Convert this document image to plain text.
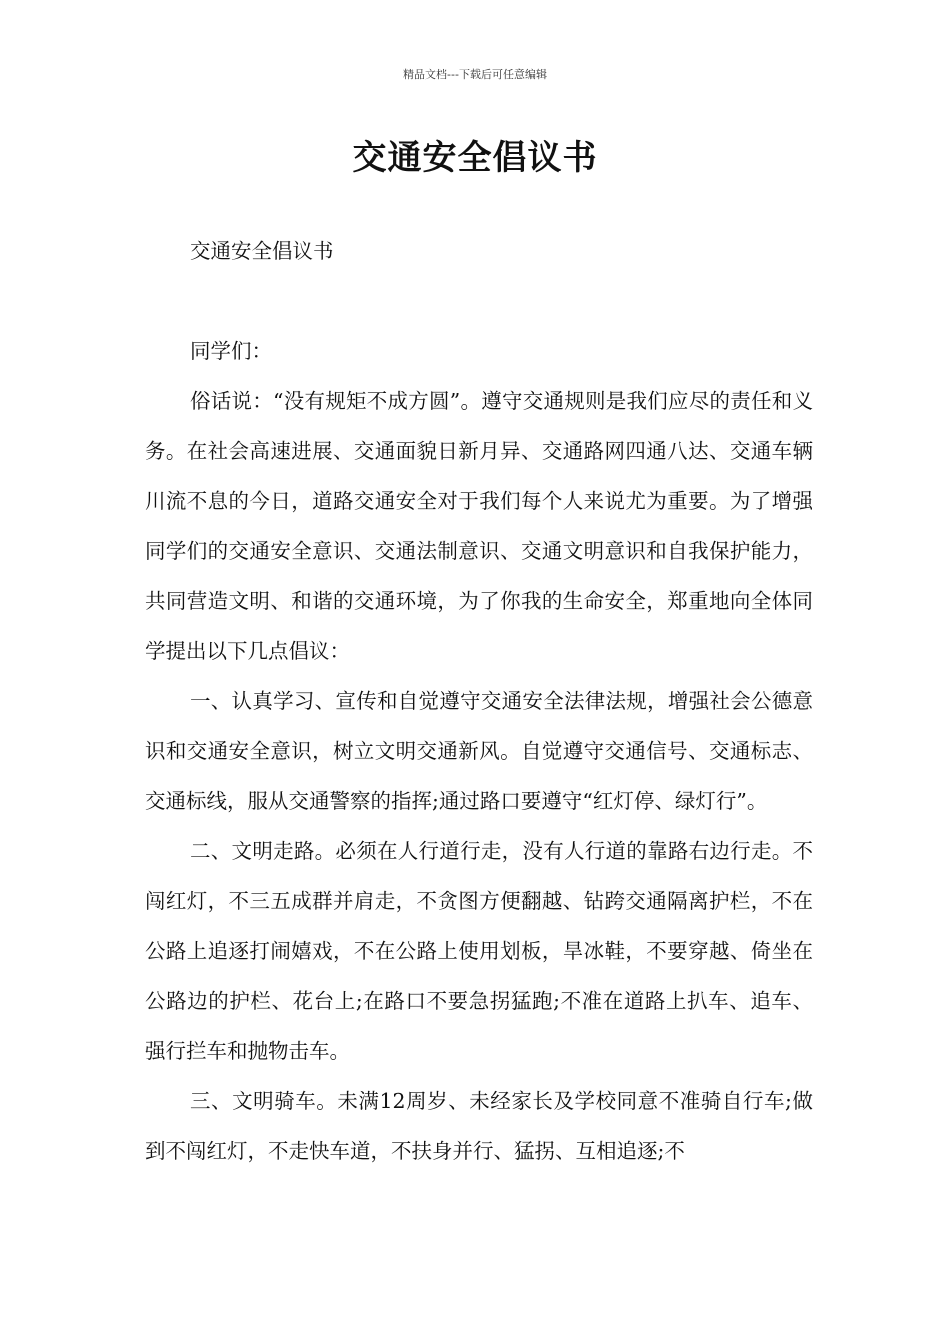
精品文档---下载后可任意编辑
交通安全倡议书
交通安全倡议书

同学们：

俗话说：“没有规矩不成方圆”。遵守交通规则是我们应尽的责任和义务。在社会高速进展、交通面貌日新月异、交通路网四通八达、交通车辆川流不息的今日，道路交通安全对于我们每个人来说尤为重要。为了增强同学们的交通安全意识、交通法制意识、交通文明意识和自我保护能力，共同营造文明、和谐的交通环境，为了你我的生命安全，郑重地向全体同学提出以下几点倡议：

一、认真学习、宣传和自觉遵守交通安全法律法规，增强社会公德意识和交通安全意识，树立文明交通新风。自觉遵守交通信号、交通标志、交通标线，服从交通警察的指挥;通过路口要遵守“红灯停、绿灯行”。

二、文明走路。必须在人行道行走，没有人行道的靠路右边行走。不闯红灯，不三五成群并肩走，不贪图方便翻越、钻跨交通隔离护栏，不在公路上追逐打闹嬉戏，不在公路上使用划板，旱冰鞋，不要穿越、倚坐在公路边的护栏、花台上;在路口不要急拐猛跑;不准在道路上扒车、追车、强行拦车和抛物击车。

三、文明骑车。未满12周岁、未经家长及学校同意不准骑自行车;做到不闯红灯，不走快车道，不扶身并行、猛拐、互相追逐;不
